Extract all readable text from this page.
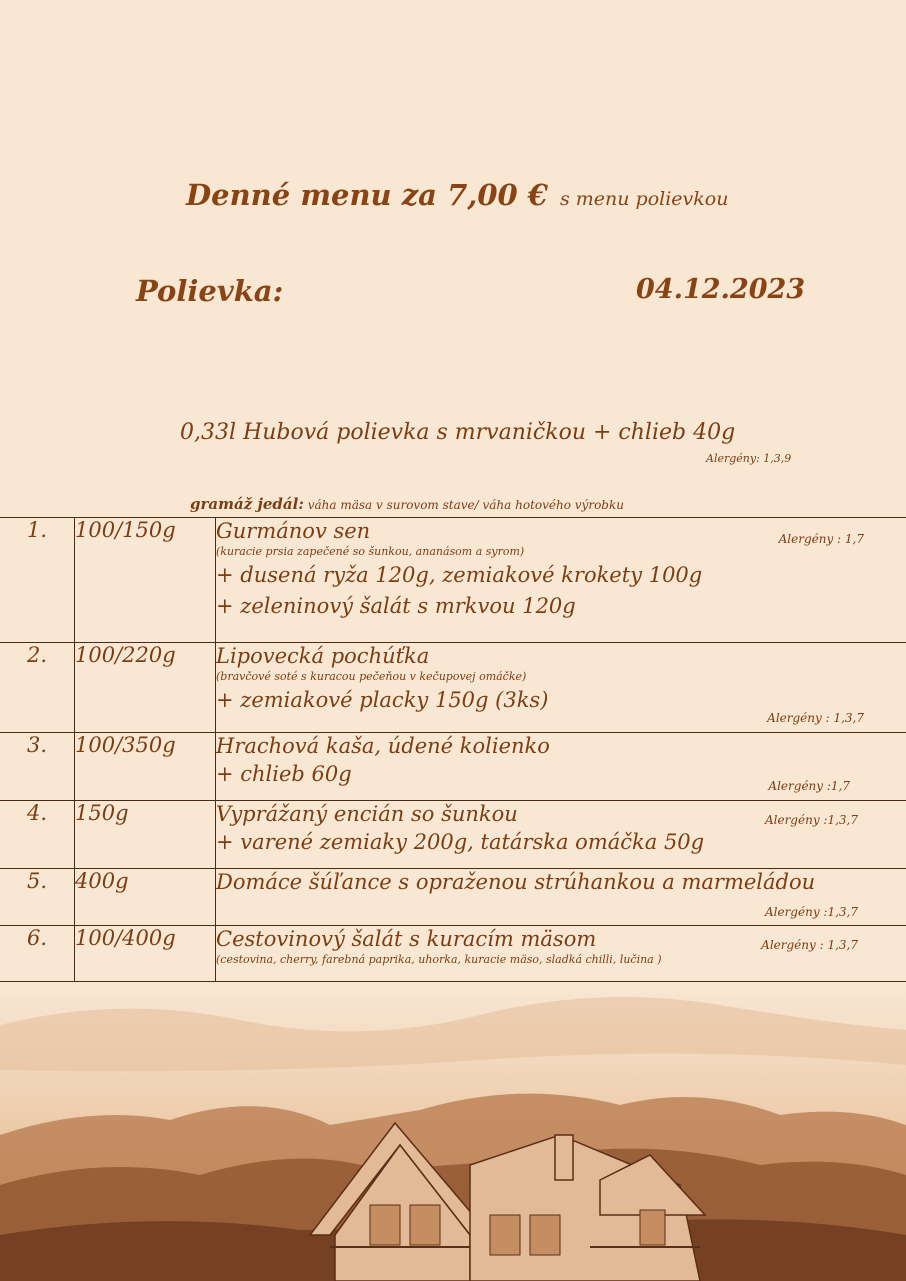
Denné menu za 7,00 € s menu polievkou
Polievka:	04.12.2023
0,33l Hubová polievka s mrvaničkou + chlieb 40g
Alergény: 1,3,9
gramáž jedál: váha mäsa v surovom stave/ váha hotového výrobku
1.	100/150g	Alergény : 1,7
Gurmánov sen
(kuracie prsia zapečené so šunkou, ananásom a syrom)
+ dusená ryža 120g, zemiakové krokety 100g
+ zeleninový šalát s mrkvou 120g

2.	100/220g	Alergény : 1,3,7
Lipovecká pochúťka
(bravčové soté s kuracou pečeňou v kečupovej omáčke)
+ zemiakové placky 150g (3ks)

3.	100/350g	Alergény :1,7
Hrachová kaša, údené kolienko
+ chlieb 60g

4.	150g	Alergény :1,3,7
Vyprážaný encián so šunkou
+ varené zemiaky 200g, tatárska omáčka 50g

5.	400g	Alergény :1,3,7
Domáce šúľance s opraženou strúhankou a marmeládou

6.	100/400g	Alergény : 1,3,7
Cestovinový šalát s kuracím mäsom
(cestovina, cherry, farebná paprika, uhorka, kuracie mäso, sladká chilli, lučina )
